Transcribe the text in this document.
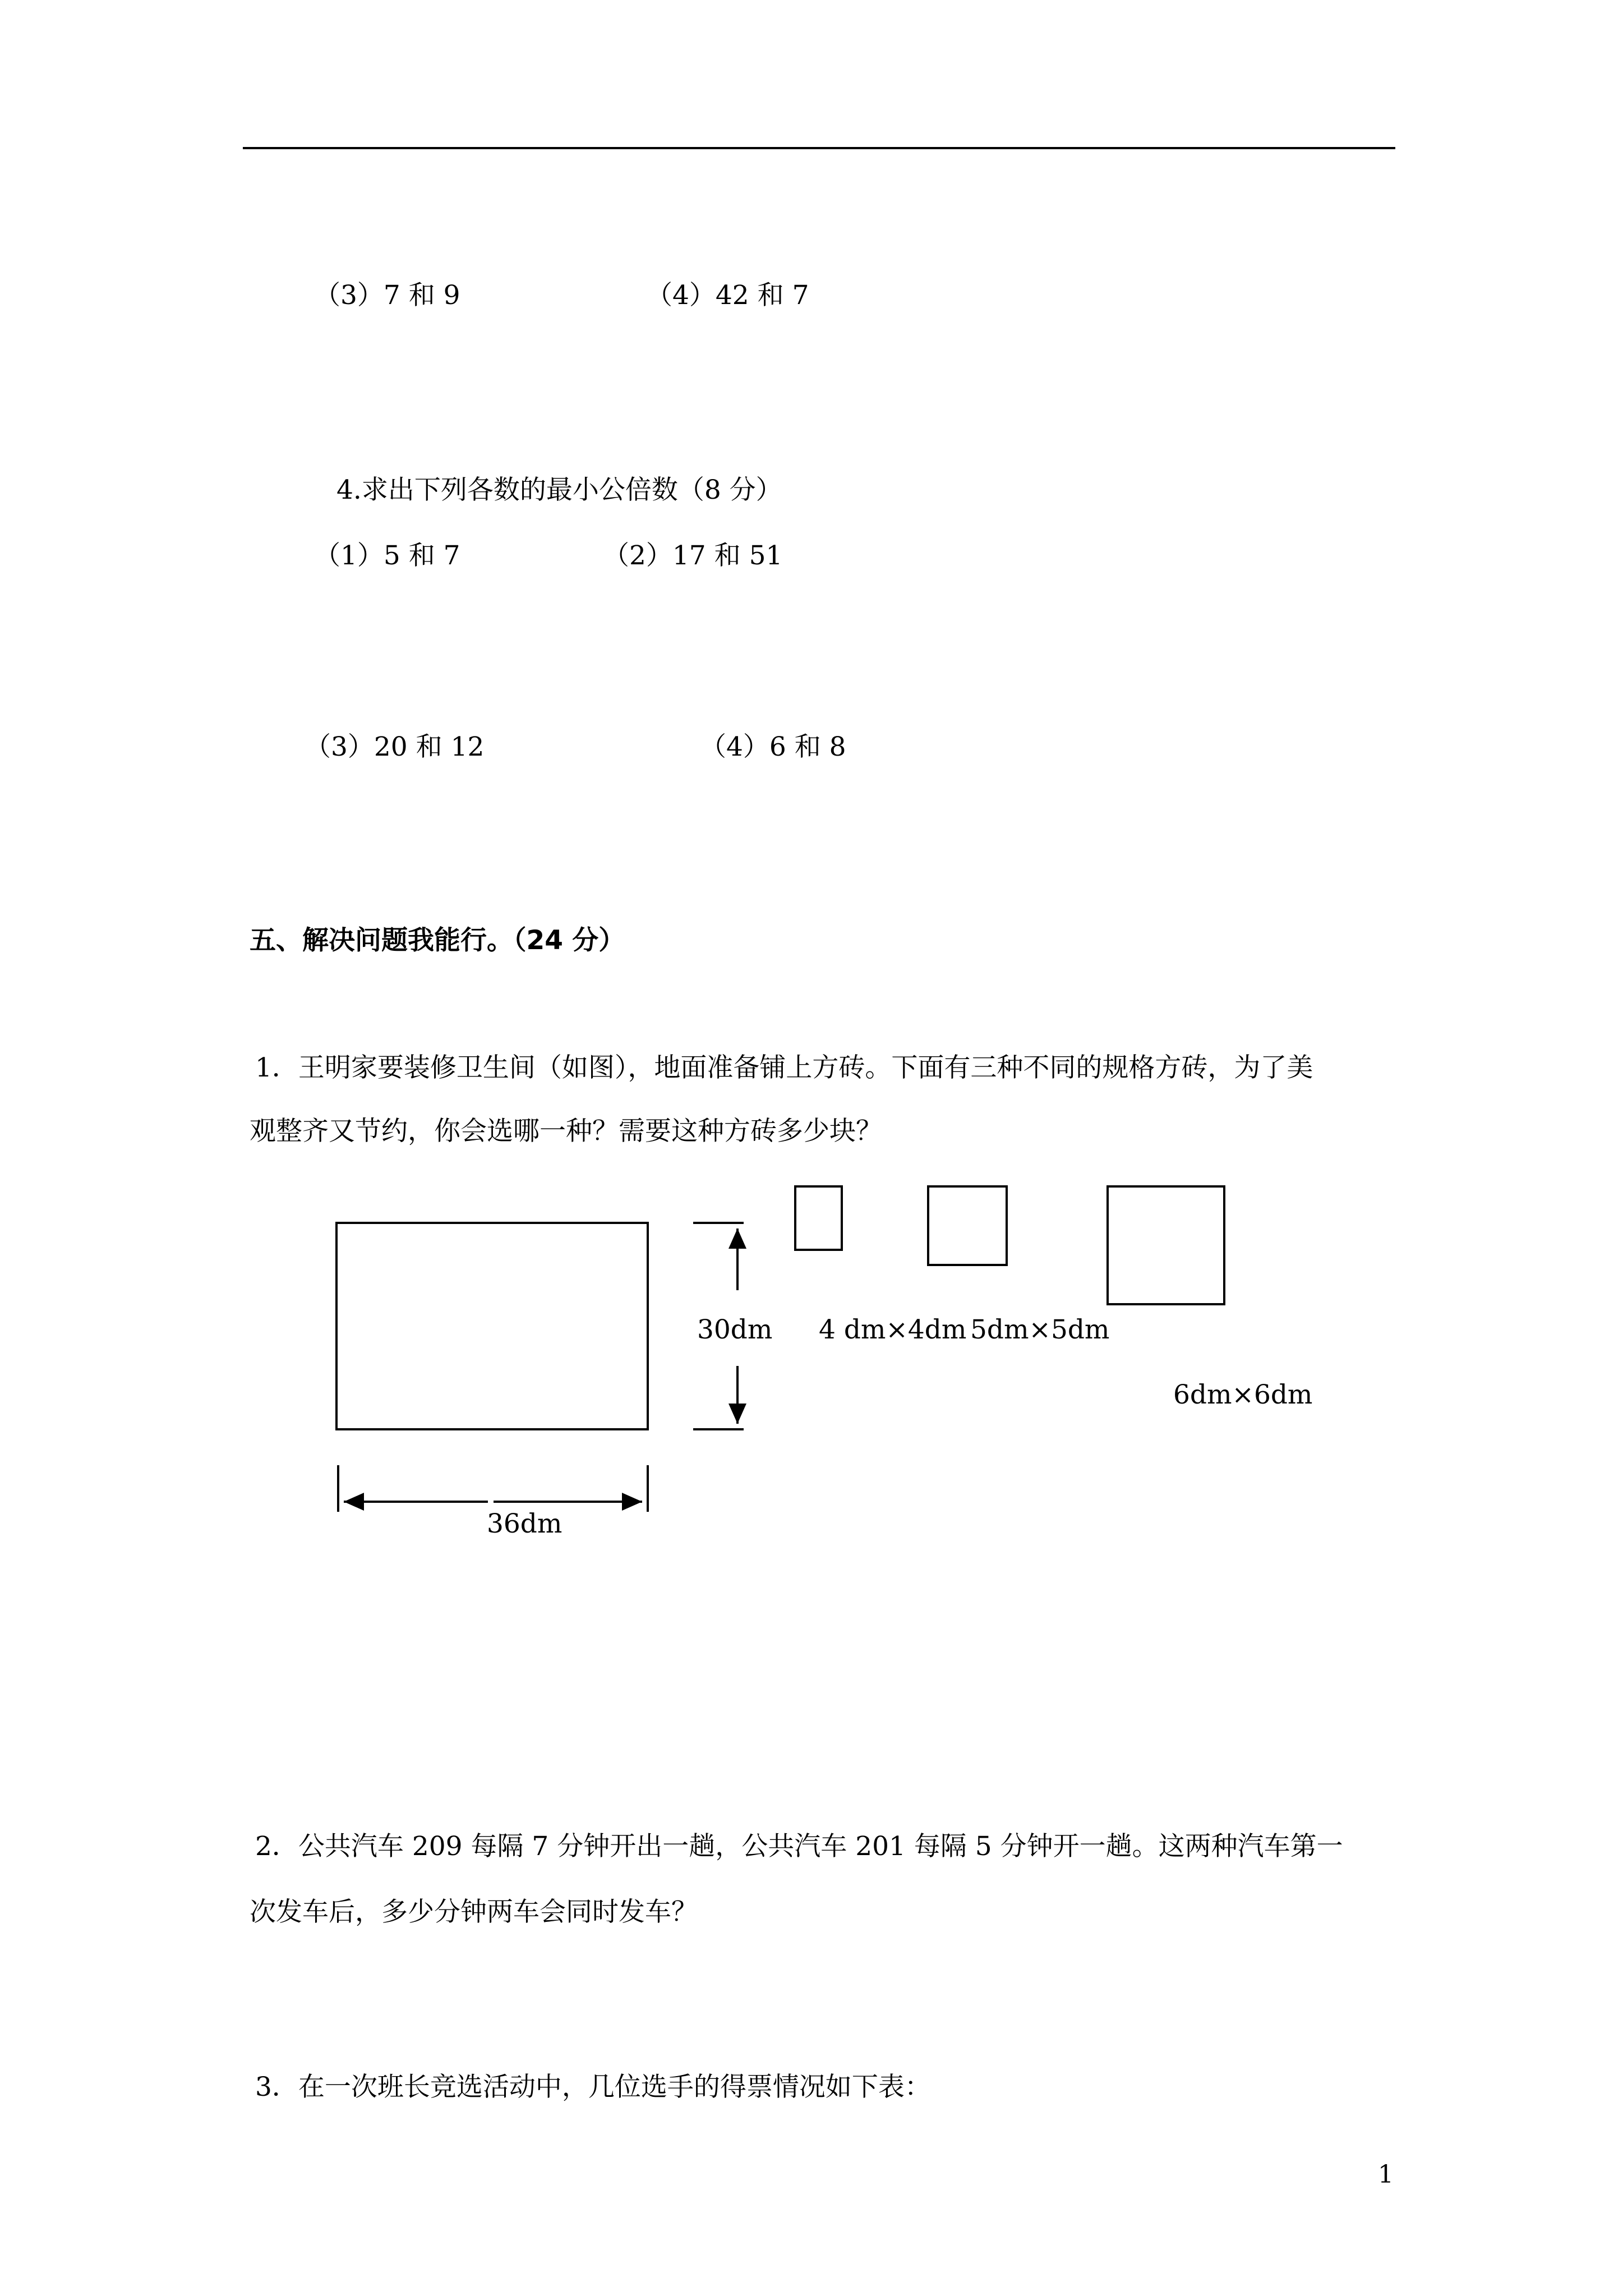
（3）7 和 9	（4）42 和 7
4.求出下列各数的最小公倍数（8 分）
（1）5 和 7	（2）17 和 51
（3）20 和 12	（4）6 和 8
五、解决问题我能行。（24 分）
1．王明家要装修卫生间（如图），地面准备铺上方砖。下面有三种不同的规格方砖，为了美
观整齐又节约，你会选哪一种？需要这种方砖多少块？
30dm
36dm
4 dm×4dm 5dm×5dm
6dm×6dm
2．公共汽车 209 每隔 7 分钟开出一趟，公共汽车 201 每隔 5 分钟开一趟。这两种汽车第一
次发车后，多少分钟两车会同时发车？
3．在一次班长竞选活动中，几位选手的得票情况如下表：
1
